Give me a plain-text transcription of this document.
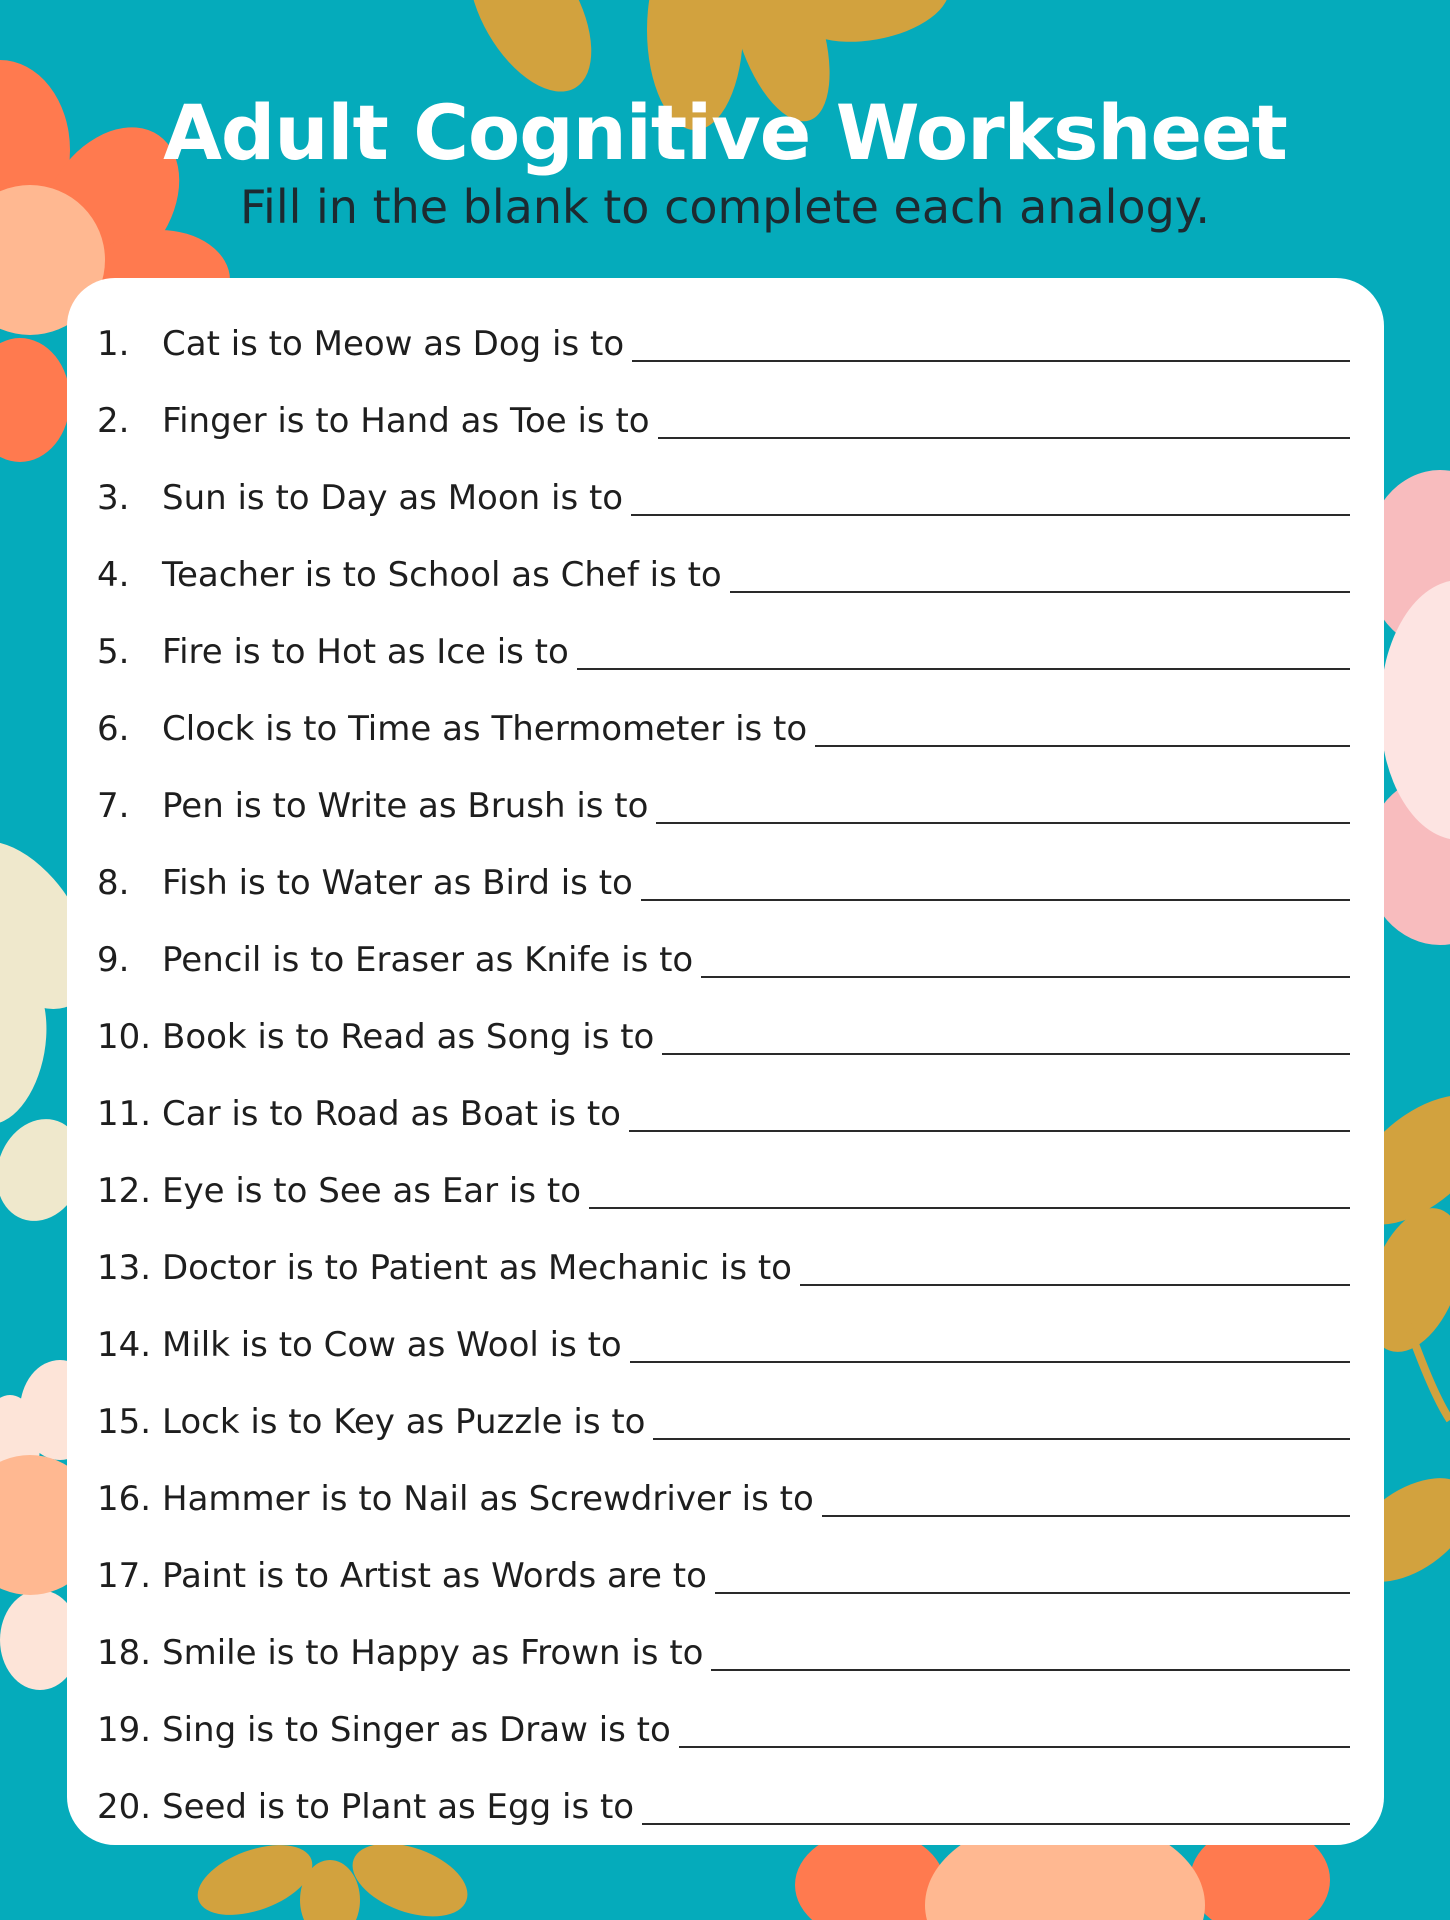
Adult Cognitive Worksheet
Fill in the blank to complete each analogy.
1. Cat is to Meow as Dog is to
2. Finger is to Hand as Toe is to
3. Sun is to Day as Moon is to
4. Teacher is to School as Chef is to
5. Fire is to Hot as Ice is to
6. Clock is to Time as Thermometer is to
7. Pen is to Write as Brush is to
8. Fish is to Water as Bird is to
9. Pencil is to Eraser as Knife is to
10. Book is to Read as Song is to
11. Car is to Road as Boat is to
12. Eye is to See as Ear is to
13. Doctor is to Patient as Mechanic is to
14. Milk is to Cow as Wool is to
15. Lock is to Key as Puzzle is to
16. Hammer is to Nail as Screwdriver is to
17. Paint is to Artist as Words are to
18. Smile is to Happy as Frown is to
19. Sing is to Singer as Draw is to
20. Seed is to Plant as Egg is to
